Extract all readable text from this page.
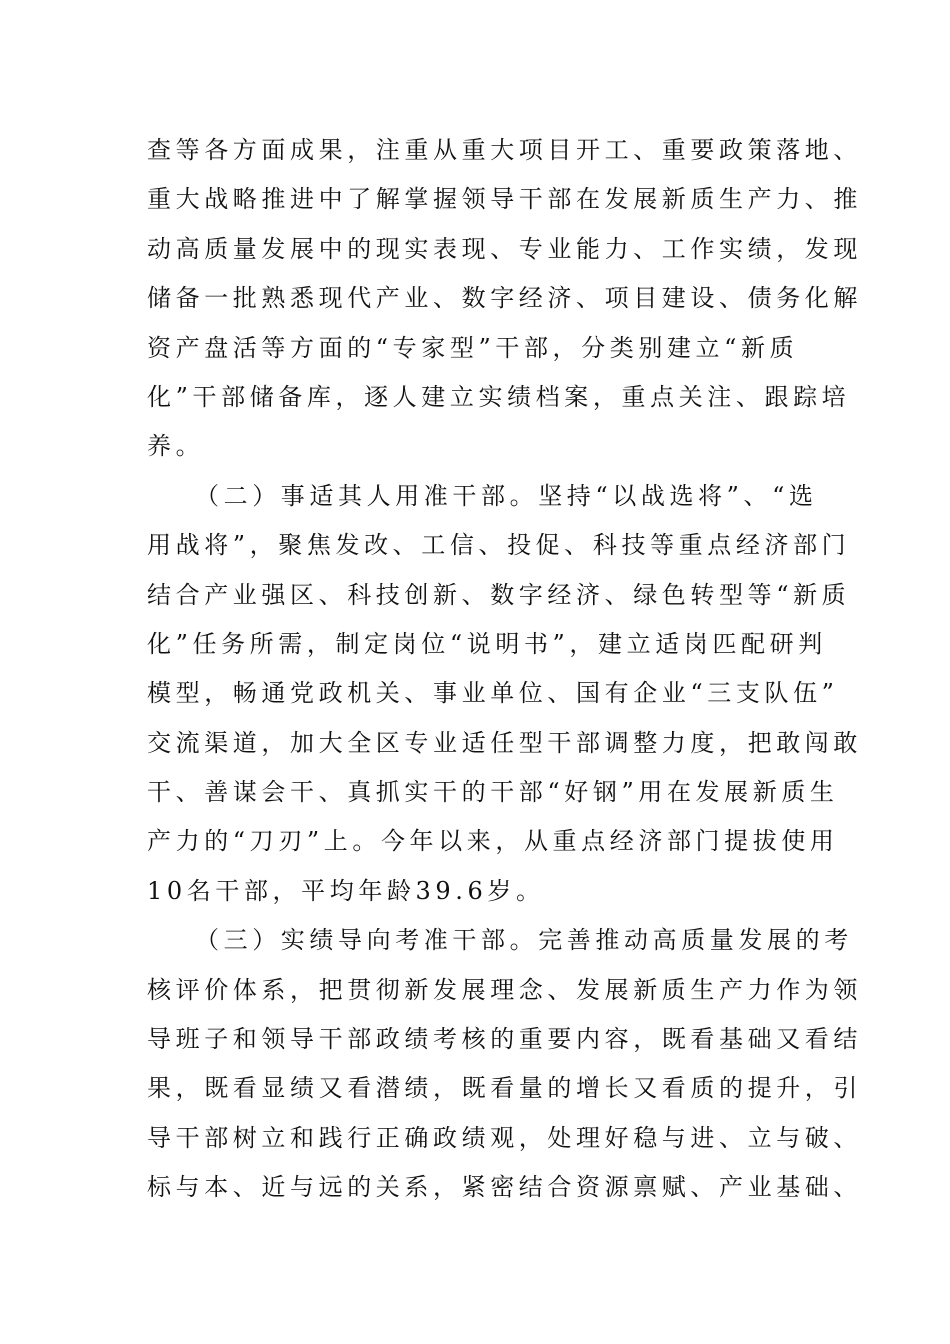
查等各方面成果，注重从重大项目开工、重要政策落地、
重大战略推进中了解掌握领导干部在发展新质生产力、推
动高质量发展中的现实表现、专业能力、工作实绩，发现
储备一批熟悉现代产业、数字经济、项目建设、债务化解
资产盘活等方面的“专家型”干部，分类别建立“新质
化”干部储备库，逐人建立实绩档案，重点关注、跟踪培
养。
（二）事适其人用准干部。坚持“以战选将”、“选
用战将”，聚焦发改、工信、投促、科技等重点经济部门
结合产业强区、科技创新、数字经济、绿色转型等“新质
化”任务所需，制定岗位“说明书”，建立适岗匹配研判
模型，畅通党政机关、事业单位、国有企业“三支队伍”
交流渠道，加大全区专业适任型干部调整力度，把敢闯敢
干、善谋会干、真抓实干的干部“好钢”用在发展新质生
产力的“刀刃”上。今年以来，从重点经济部门提拔使用
10名干部，平均年龄39.6岁。
（三）实绩导向考准干部。完善推动高质量发展的考
核评价体系，把贯彻新发展理念、发展新质生产力作为领
导班子和领导干部政绩考核的重要内容，既看基础又看结
果，既看显绩又看潜绩，既看量的增长又看质的提升，引
导干部树立和践行正确政绩观，处理好稳与进、立与破、
标与本、近与远的关系，紧密结合资源禀赋、产业基础、
